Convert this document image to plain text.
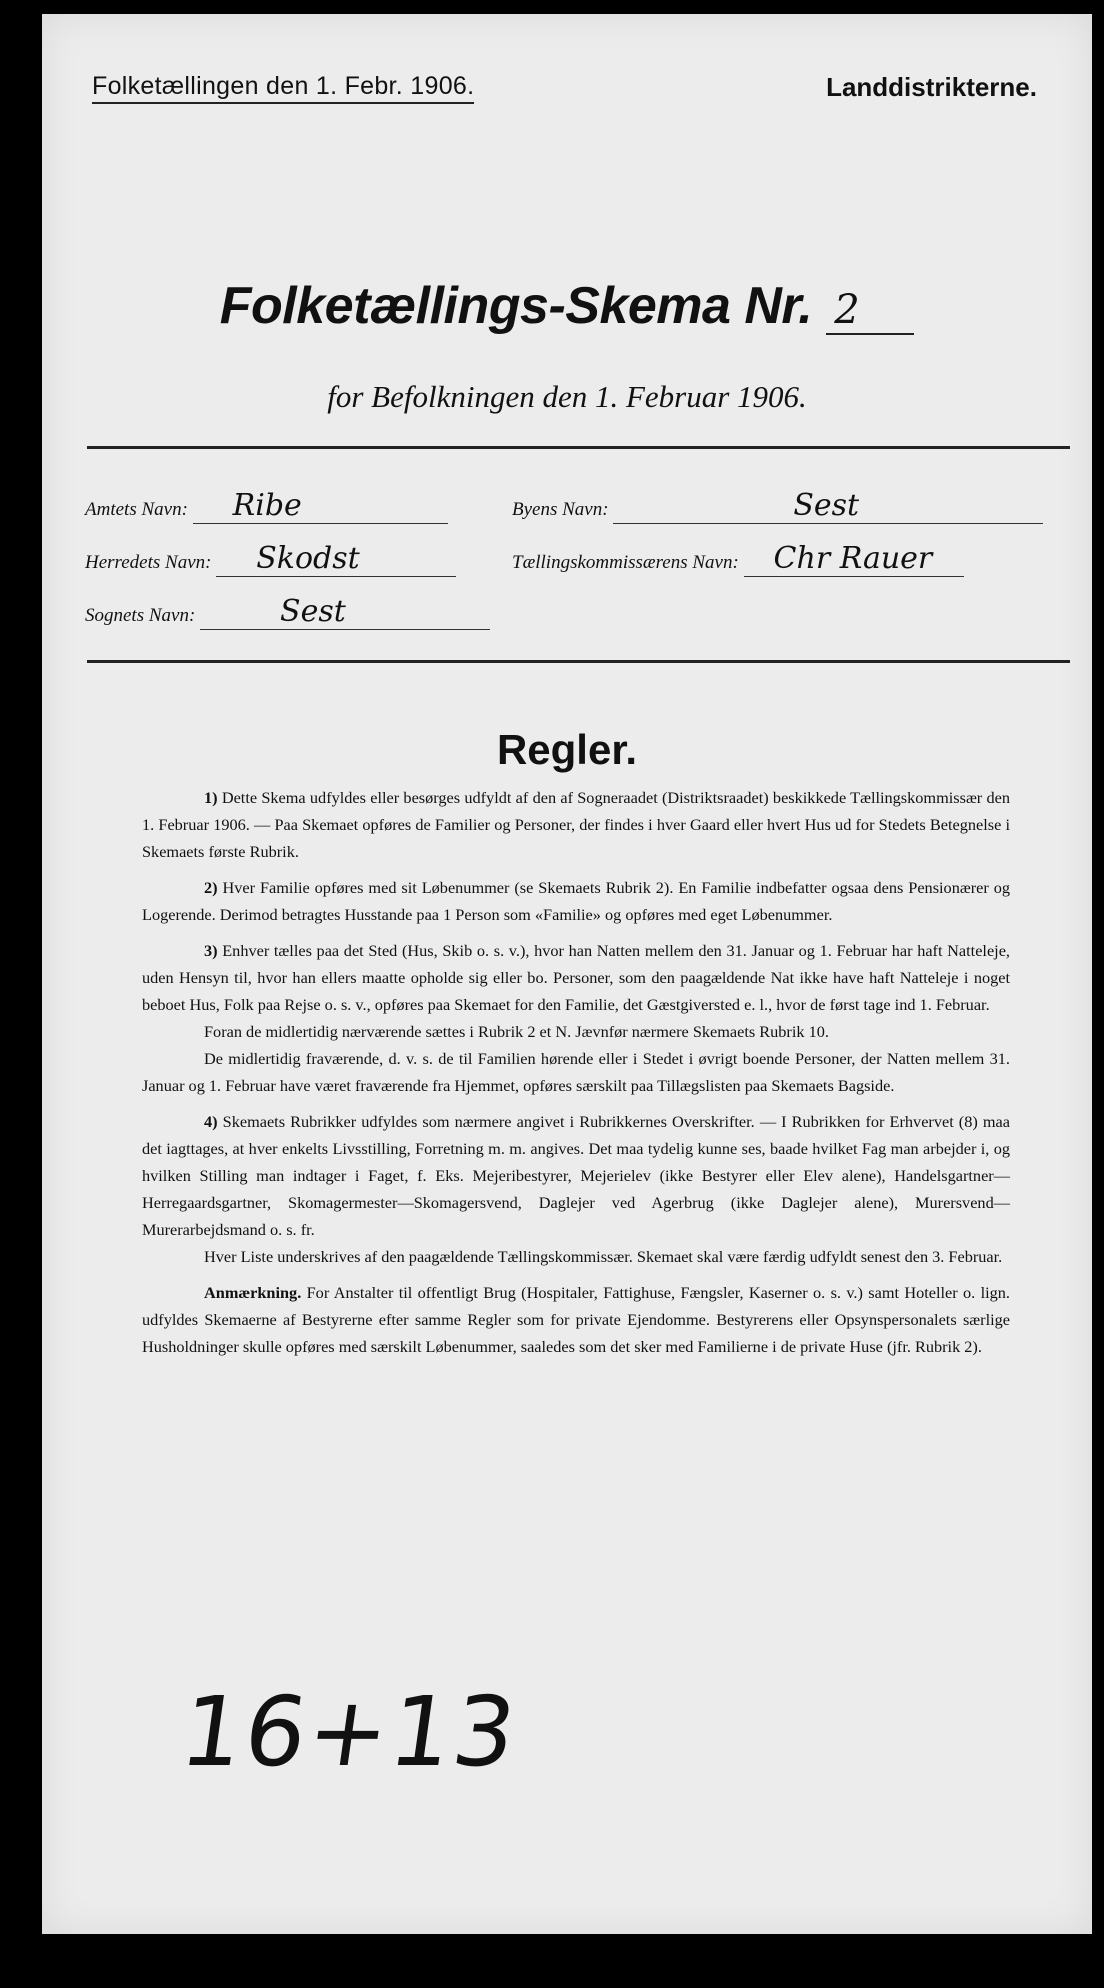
Folketællingen den 1. Febr. 1906.	Landdistrikterne.
Folketællings-Skema Nr. 2
for Befolkningen den 1. Februar 1906.
Amtets Navn: Ribe	Byens Navn:	Sest
Herredets Navn: Skodst	Tællingskommissærens Navn: Chr Rauer
Sognets Navn:	Sest
Regler.

1) Dette Skema udfyldes eller besørges udfyldt af den af Sogneraadet (Distriktsraadet) beskikkede Tællingskommissær den 1. Februar 1906. — Paa Skemaet opføres de Familier og Personer, der findes i hver Gaard eller hvert Hus ud for Stedets Betegnelse i Skemaets første Rubrik.

2) Hver Familie opføres med sit Løbenummer (se Skemaets Rubrik 2). En Familie indbefatter ogsaa dens Pensionærer og Logerende. Derimod betragtes Husstande paa 1 Person som «Familie» og opføres med eget Løbenummer.

3) Enhver tælles paa det Sted (Hus, Skib o. s. v.), hvor han Natten mellem den 31. Januar og 1. Februar har haft Natteleje, uden Hensyn til, hvor han ellers maatte opholde sig eller bo. Personer, som den paagældende Nat ikke have haft Natteleje i noget beboet Hus, Folk paa Rejse o. s. v., opføres paa Skemaet for den Familie, det Gæstgiversted e. l., hvor de først tage ind 1. Februar.

Foran de midlertidig nærværende sættes i Rubrik 2 et N. Jævnfør nærmere Skemaets Rubrik 10.

De midlertidig fraværende, d. v. s. de til Familien hørende eller i Stedet i øvrigt boende Personer, der Natten mellem 31. Januar og 1. Februar have været fraværende fra Hjemmet, opføres særskilt paa Tillægslisten paa Skemaets Bagside.

4) Skemaets Rubrikker udfyldes som nærmere angivet i Rubrikkernes Overskrifter. — I Rubrikken for Erhvervet (8) maa det iagttages, at hver enkelts Livsstilling, Forretning m. m. angives. Det maa tydelig kunne ses, baade hvilket Fag man arbejder i, og hvilken Stilling man indtager i Faget, f. Eks. Mejeribestyrer, Mejerielev (ikke Bestyrer eller Elev alene), Handelsgartner—Herregaardsgartner, Skomagermester—Skomagersvend, Daglejer ved Agerbrug (ikke Daglejer alene), Murersvend—Murerarbejdsmand o. s. fr.

Hver Liste underskrives af den paagældende Tællingskommissær. Skemaet skal være færdig udfyldt senest den 3. Februar.

Anmærkning. For Anstalter til offentligt Brug (Hospitaler, Fattighuse, Fængsler, Kaserner o. s. v.) samt Hoteller o. lign. udfyldes Skemaerne af Bestyrerne efter samme Regler som for private Ejendomme. Bestyrerens eller Opsynspersonalets særlige Husholdninger skulle opføres med særskilt Løbenummer, saaledes som det sker med Familierne i de private Huse (jfr. Rubrik 2).

16+13
